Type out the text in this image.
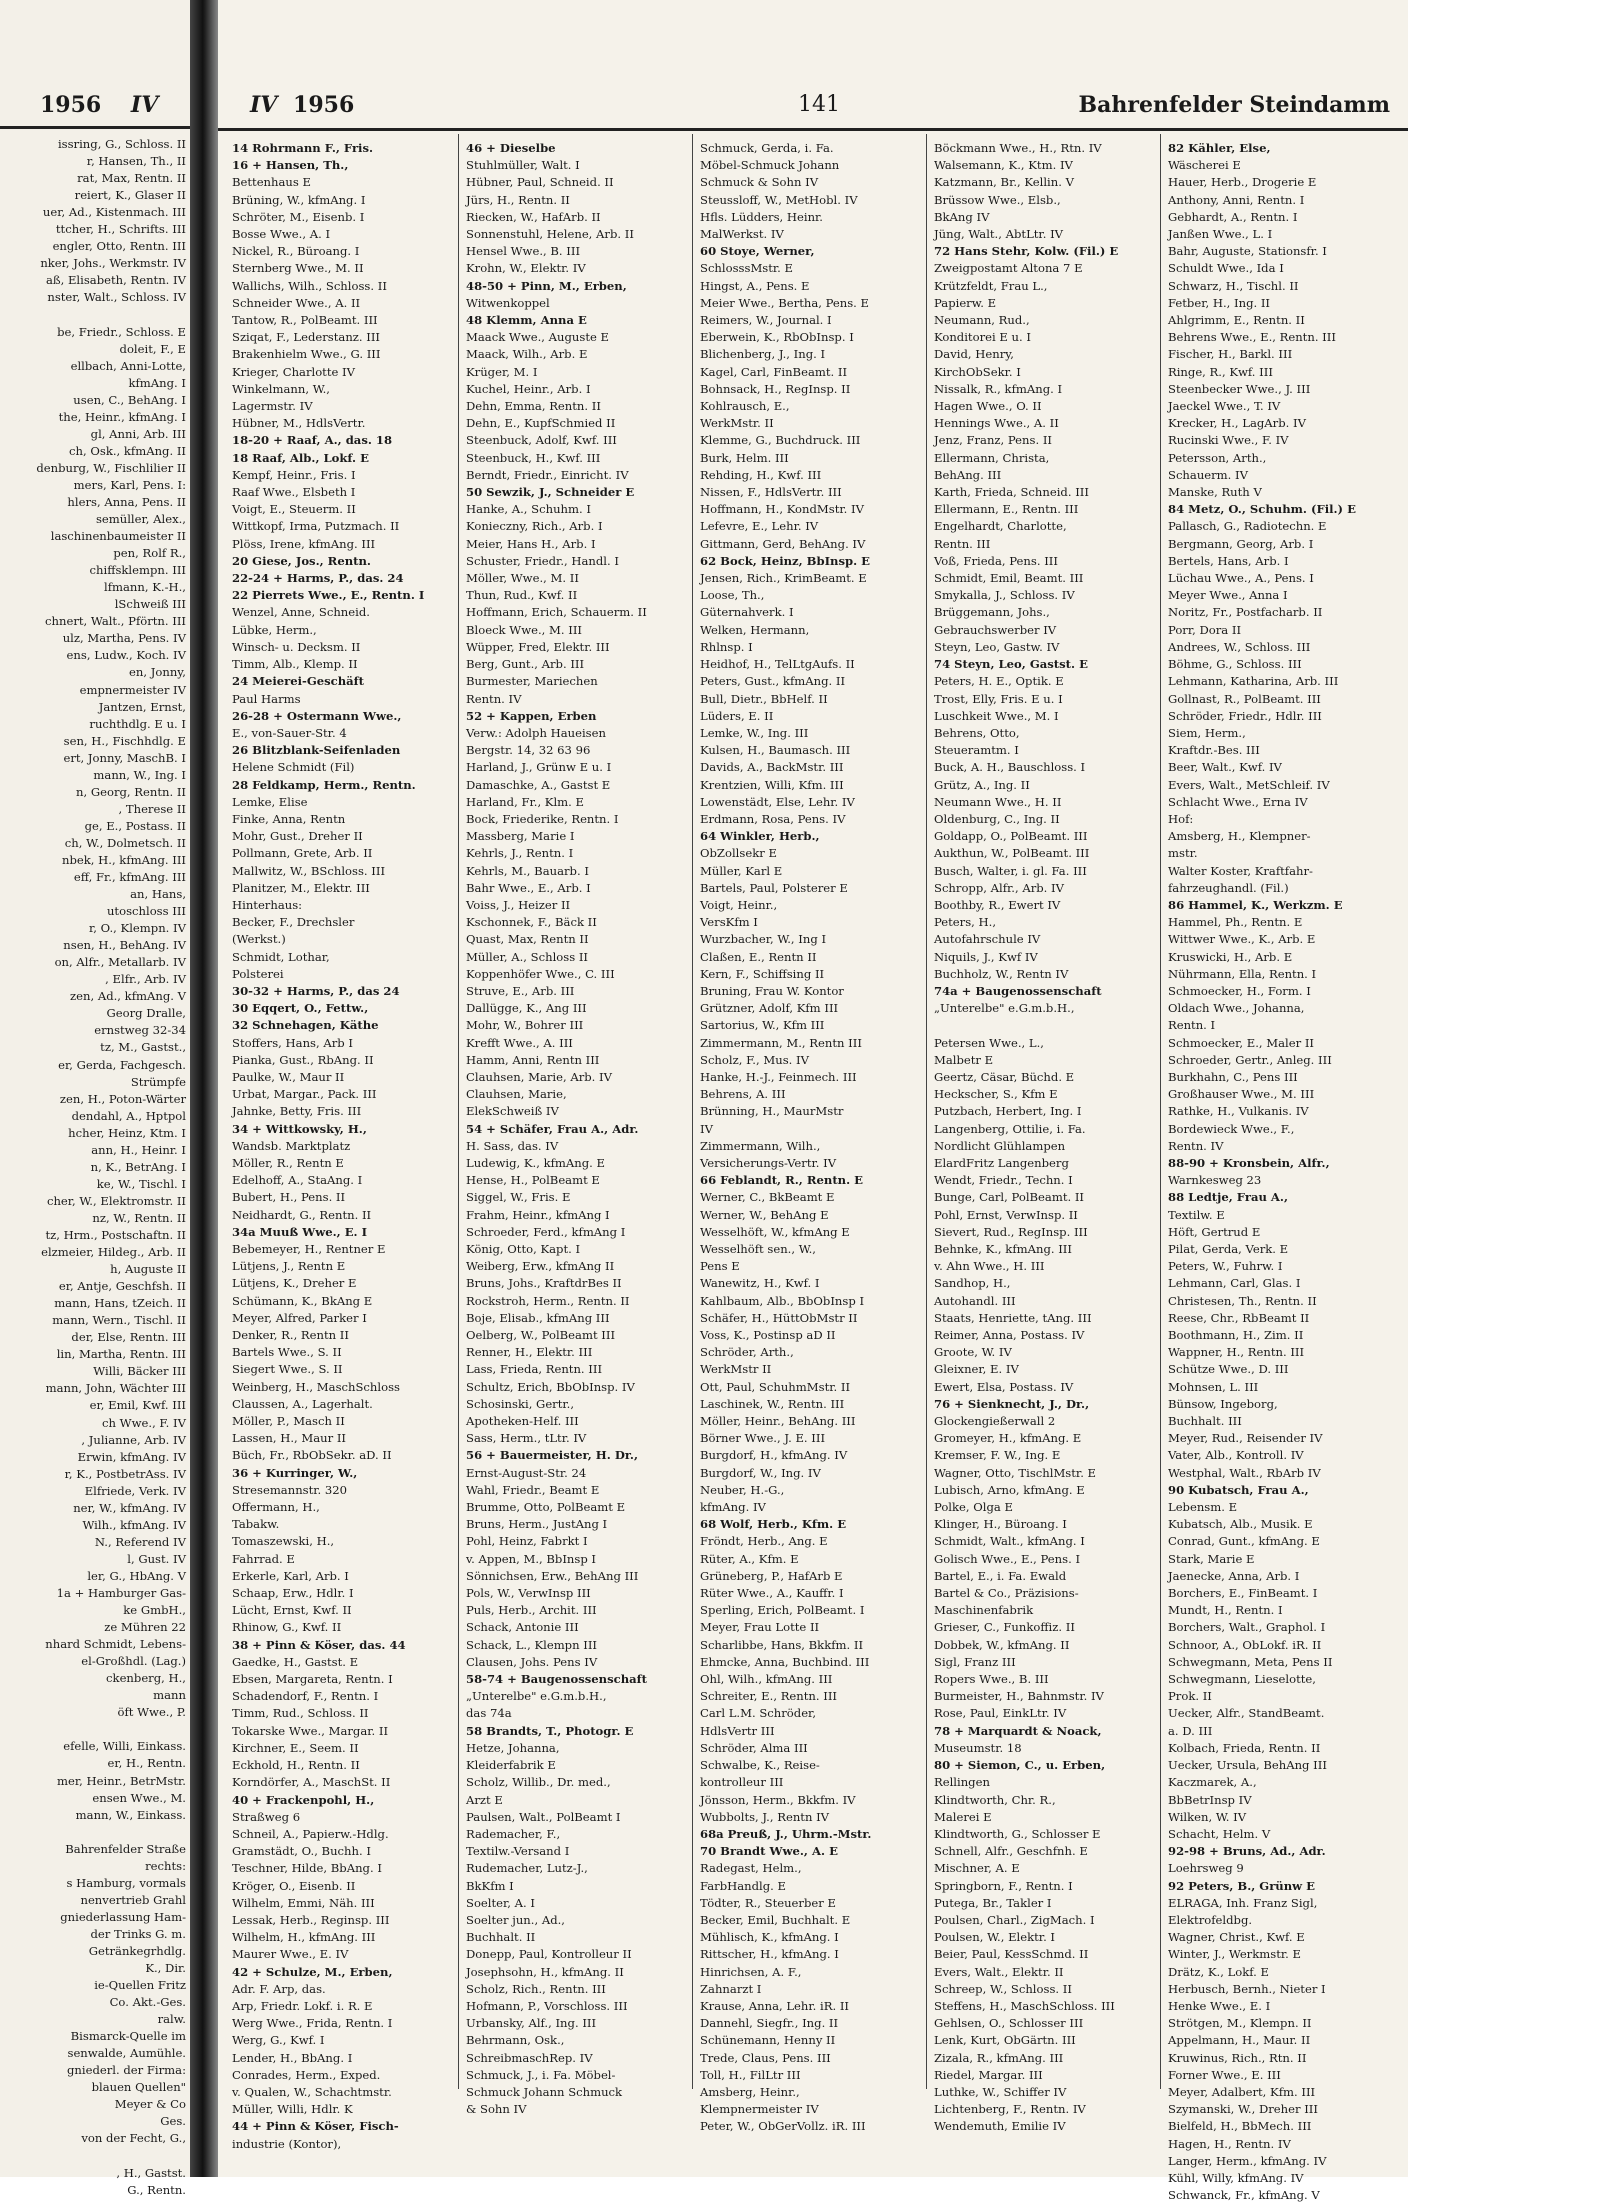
1956 IV
issring, G., Schloss. II
r, Hansen, Th., II
rat, Max, Rentn. II
reiert, K., Glaser II
uer, Ad., Kistenmach. III
ttcher, H., Schrifts. III
engler, Otto, Rentn. III
nker, Johs., Werkmstr. IV
aß, Elisabeth, Rentn. IV
nster, Walt., Schloss. IV

be, Friedr., Schloss. E
doleit, F., E
ellbach, Anni-Lotte,
kfmAng. I
usen, C., BehAng. I
the, Heinr., kfmAng. I
gl, Anni, Arb. III
ch, Osk., kfmAng. II
denburg, W., Fischlilier II
mers, Karl, Pens. I:
hlers, Anna, Pens. II
semüller, Alex.,
laschinenbaumeister II
pen, Rolf R.,
chiffsklempn. III
lfmann, K.-H.,
lSchweiß III
chnert, Walt., Pförtn. III
ulz, Martha, Pens. IV
ens, Ludw., Koch. IV
en, Jonny,
empnermeister IV
Jantzen, Ernst,
ruchthdlg. E u. I
sen, H., Fischhdlg. E
ert, Jonny, MaschB. I
mann, W., Ing. I
n, Georg, Rentn. II
, Therese II
ge, E., Postass. II
ch, W., Dolmetsch. II
nbek, H., kfmAng. III
eff, Fr., kfmAng. III
an, Hans,
utoschloss III
r, O., Klempn. IV
nsen, H., BehAng. IV
on, Alfr., Metallarb. IV
, Elfr., Arb. IV
zen, Ad., kfmAng. V
Georg Dralle,
ernstweg 32-34
tz, M., Gastst.,
er, Gerda, Fachgesch.
Strümpfe
zen, H., Poton-Wärter
dendahl, A., Hptpol
hcher, Heinz, Ktm. I
ann, H., Heinr. I
n, K., BetrAng. I
ke, W., Tischl. I
cher, W., Elektromstr. II
nz, W., Rentn. II
tz, Hrm., Postschaftn. II
elzmeier, Hildeg., Arb. II
h, Auguste II
er, Antje, Geschfsh. II
mann, Hans, tZeich. II
mann, Wern., Tischl. II
der, Else, Rentn. III
lin, Martha, Rentn. III
Willi, Bäcker III
mann, John, Wächter III
er, Emil, Kwf. III
ch Wwe., F. IV
, Julianne, Arb. IV
Erwin, kfmAng. IV
r, K., PostbetrAss. IV
Elfriede, Verk. IV
ner, W., kfmAng. IV
Wilh., kfmAng. IV
N., Referend IV
l, Gust. IV
ler, G., HbAng. V
1a + Hamburger Gas-
ke GmbH.,
ze Mühren 22
nhard Schmidt, Lebens-
el-Großhdl. (Lag.)
ckenberg, H.,
mann
öft Wwe., P.

efelle, Willi, Einkass.
er, H., Rentn.
mer, Heinr., BetrMstr.
ensen Wwe., M.
mann, W., Einkass.

Bahrenfelder Straße
rechts:
s Hamburg, vormals
nenvertrieb Grahl
gniederlassung Ham-
der Trinks G. m.
Getränkegrhdlg.
K., Dir.
ie-Quellen Fritz
Co. Akt.-Ges.
ralw.
Bismarck-Quelle im
senwalde, Aumühle.
gniederl. der Firma:
blauen Quellen"
Meyer & Co
Ges.
von der Fecht, G.,

, H., Gastst.
G., Rentn.
IV 1956	141	Bahrenfelder Steindamm
14 Rohrmann F., Fris.
16 + Hansen, Th.,
Bettenhaus E
Brüning, W., kfmAng. I
Schröter, M., Eisenb. I
Bosse Wwe., A. I
Nickel, R., Büroang. I
Sternberg Wwe., M. II
Wallichs, Wilh., Schloss. II
Schneider Wwe., A. II
Tantow, R., PolBeamt. III
Sziqat, F., Lederstanz. III
Brakenhielm Wwe., G. III
Krieger, Charlotte IV
Winkelmann, W.,
Lagermstr. IV
Hübner, M., HdlsVertr.
18-20 + Raaf, A., das. 18
18 Raaf, Alb., Lokf. E
Kempf, Heinr., Fris. I
Raaf Wwe., Elsbeth I
Voigt, E., Steuerm. II
Wittkopf, Irma, Putzmach. II
Plöss, Irene, kfmAng. III
20 Giese, Jos., Rentn.
22-24 + Harms, P., das. 24
22 Pierrets Wwe., E., Rentn. I
Wenzel, Anne, Schneid.
Lübke, Herm.,
Winsch- u. Decksm. II
Timm, Alb., Klemp. II
24 Meierei-Geschäft
Paul Harms
26-28 + Ostermann Wwe.,
E., von-Sauer-Str. 4
26 Blitzblank-Seifenladen
Helene Schmidt (Fil)
28 Feldkamp, Herm., Rentn.
Lemke, Elise
Finke, Anna, Rentn
Mohr, Gust., Dreher II
Pollmann, Grete, Arb. II
Mallwitz, W., BSchloss. III
Planitzer, M., Elektr. III
Hinterhaus:
Becker, F., Drechsler
(Werkst.)
Schmidt, Lothar,
Polsterei
30-32 + Harms, P., das 24
30 Eqqert, O., Fettw.,
32 Schnehagen, Käthe
Stoffers, Hans, Arb I
Pianka, Gust., RbAng. II
Paulke, W., Maur II
Urbat, Margar., Pack. III
Jahnke, Betty, Fris. III
34 + Wittkowsky, H.,
Wandsb. Marktplatz
Möller, R., Rentn E
Edelhoff, A., StaAng. I
Bubert, H., Pens. II
Neidhardt, G., Rentn. II
34a Muuß Wwe., E. I
Bebemeyer, H., Rentner E
Lütjens, J., Rentn E
Lütjens, K., Dreher E
Schümann, K., BkAng E
Meyer, Alfred, Parker I
Denker, R., Rentn II
Bartels Wwe., S. II
Siegert Wwe., S. II
Weinberg, H., MaschSchloss
Claussen, A., Lagerhalt.
Möller, P., Masch II
Lassen, H., Maur II
Büch, Fr., RbObSekr. aD. II
36 + Kurringer, W.,
Stresemannstr. 320
Offermann, H.,
Tabakw.
Tomaszewski, H.,
Fahrrad. E
Erkerle, Karl, Arb. I
Schaap, Erw., Hdlr. I
Lücht, Ernst, Kwf. II
Rhinow, G., Kwf. II
38 + Pinn & Köser, das. 44
Gaedke, H., Gastst. E
Ebsen, Margareta, Rentn. I
Schadendorf, F., Rentn. I
Timm, Rud., Schloss. II
Tokarske Wwe., Margar. II
Kirchner, E., Seem. II
Eckhold, H., Rentn. II
Korndörfer, A., MaschSt. II
40 + Frackenpohl, H.,
Straßweg 6
Schneil, A., Papierw.-Hdlg.
Gramstädt, O., Buchh. I
Teschner, Hilde, BbAng. I
Kröger, O., Eisenb. II
Wilhelm, Emmi, Näh. III
Lessak, Herb., Reginsp. III
Wilhelm, H., kfmAng. III
Maurer Wwe., E. IV
42 + Schulze, M., Erben,
Adr. F. Arp, das.
Arp, Friedr. Lokf. i. R. E
Werg Wwe., Frida, Rentn. I
Werg, G., Kwf. I
Lender, H., BbAng. I
Conrades, Herm., Exped.
v. Qualen, W., Schachtmstr.
Müller, Willi, Hdlr. K
44 + Pinn & Köser, Fisch-
industrie (Kontor),
46 + Dieselbe
Stuhlmüller, Walt. I
Hübner, Paul, Schneid. II
Jürs, H., Rentn. II
Riecken, W., HafArb. II
Sonnenstuhl, Helene, Arb. II
Hensel Wwe., B. III
Krohn, W., Elektr. IV
48-50 + Pinn, M., Erben,
Witwenkoppel
48 Klemm, Anna E
Maack Wwe., Auguste E
Maack, Wilh., Arb. E
Krüger, M. I
Kuchel, Heinr., Arb. I
Dehn, Emma, Rentn. II
Dehn, E., KupfSchmied II
Steenbuck, Adolf, Kwf. III
Steenbuck, H., Kwf. III
Berndt, Friedr., Einricht. IV
50 Sewzik, J., Schneider E
Hanke, A., Schuhm. I
Konieczny, Rich., Arb. I
Meier, Hans H., Arb. I
Schuster, Friedr., Handl. I
Möller, Wwe., M. II
Thun, Rud., Kwf. II
Hoffmann, Erich, Schauerm. II
Bloeck Wwe., M. III
Wüpper, Fred, Elektr. III
Berg, Gunt., Arb. III
Burmester, Mariechen
Rentn. IV
52 + Kappen, Erben
Verw.: Adolph Haueisen
Bergstr. 14, 32 63 96
Harland, J., Grünw E u. I
Damaschke, A., Gastst E
Harland, Fr., Klm. E
Bock, Friederike, Rentn. I
Massberg, Marie I
Kehrls, J., Rentn. I
Kehrls, M., Bauarb. I
Bahr Wwe., E., Arb. I
Voiss, J., Heizer II
Kschonnek, F., Bäck II
Quast, Max, Rentn II
Müller, A., Schloss II
Koppenhöfer Wwe., C. III
Struve, E., Arb. III
Dallügge, K., Ang III
Mohr, W., Bohrer III
Krefft Wwe., A. III
Hamm, Anni, Rentn III
Clauhsen, Marie, Arb. IV
Clauhsen, Marie,
ElekSchweiß IV
54 + Schäfer, Frau A., Adr.
H. Sass, das. IV
Ludewig, K., kfmAng. E
Hense, H., PolBeamt E
Siggel, W., Fris. E
Frahm, Heinr., kfmAng I
Schroeder, Ferd., kfmAng I
König, Otto, Kapt. I
Weiberg, Erw., kfmAng II
Bruns, Johs., KraftdrBes II
Rockstroh, Herm., Rentn. II
Boje, Elisab., kfmAng III
Oelberg, W., PolBeamt III
Renner, H., Elektr. III
Lass, Frieda, Rentn. III
Schultz, Erich, BbObInsp. IV
Schosinski, Gertr.,
Apotheken-Helf. III
Sass, Herm., tLtr. IV
56 + Bauermeister, H. Dr.,
Ernst-August-Str. 24
Wahl, Friedr., Beamt E
Brumme, Otto, PolBeamt E
Bruns, Herm., JustAng I
Pohl, Heinz, Fabrkt I
v. Appen, M., BbInsp I
Sönnichsen, Erw., BehAng III
Pols, W., VerwInsp III
Puls, Herb., Archit. III
Schack, Antonie III
Schack, L., Klempn III
Clausen, Johs. Pens IV
58-74 + Baugenossenschaft
„Unterelbe" e.G.m.b.H.,
das 74a
58 Brandts, T., Photogr. E
Hetze, Johanna,
Kleiderfabrik E
Scholz, Willib., Dr. med.,
Arzt E
Paulsen, Walt., PolBeamt I
Rademacher, F.,
Textilw.-Versand I
Rudemacher, Lutz-J.,
BkKfm I
Soelter, A. I
Soelter jun., Ad.,
Buchhalt. II
Donepp, Paul, Kontrolleur II
Josephsohn, H., kfmAng. II
Scholz, Rich., Rentn. III
Hofmann, P., Vorschloss. III
Urbansky, Alf., Ing. III
Behrmann, Osk.,
SchreibmaschRep. IV
Schmuck, J., i. Fa. Möbel-
Schmuck Johann Schmuck
& Sohn IV
Schmuck, Gerda, i. Fa.
Möbel-Schmuck Johann
Schmuck & Sohn IV
Steussloff, W., MetHobl. IV
Hfls. Lüdders, Heinr.
MalWerkst. IV
60 Stoye, Werner,
SchlosssMstr. E
Hingst, A., Pens. E
Meier Wwe., Bertha, Pens. E
Reimers, W., Journal. I
Eberwein, K., RbObInsp. I
Blichenberg, J., Ing. I
Kagel, Carl, FinBeamt. II
Bohnsack, H., RegInsp. II
Kohlrausch, E.,
WerkMstr. II
Klemme, G., Buchdruck. III
Burk, Helm. III
Rehding, H., Kwf. III
Nissen, F., HdlsVertr. III
Hoffmann, H., KondMstr. IV
Lefevre, E., Lehr. IV
Gittmann, Gerd, BehAng. IV
62 Bock, Heinz, BbInsp. E
Jensen, Rich., KrimBeamt. E
Loose, Th.,
Güternahverk. I
Welken, Hermann,
Rhlnsp. I
Heidhof, H., TelLtgAufs. II
Peters, Gust., kfmAng. II
Bull, Dietr., BbHelf. II
Lüders, E. II
Lemke, W., Ing. III
Kulsen, H., Baumasch. III
Davids, A., BackMstr. III
Krentzien, Willi, Kfm. III
Lowenstädt, Else, Lehr. IV
Erdmann, Rosa, Pens. IV
64 Winkler, Herb.,
ObZollsekr E
Müller, Karl E
Bartels, Paul, Polsterer E
Voigt, Heinr.,
VersKfm I
Wurzbacher, W., Ing I
Claßen, E., Rentn II
Kern, F., Schiffsing II
Bruning, Frau W. Kontor
Grützner, Adolf, Kfm III
Sartorius, W., Kfm III
Zimmermann, M., Rentn III
Scholz, F., Mus. IV
Hanke, H.-J., Feinmech. III
Behrens, A. III
Brünning, H., MaurMstr
IV
Zimmermann, Wilh.,
Versicherungs-Vertr. IV
66 Feblandt, R., Rentn. E
Werner, C., BkBeamt E
Werner, W., BehAng E
Wesselhöft, W., kfmAng E
Wesselhöft sen., W.,
Pens E
Wanewitz, H., Kwf. I
Kahlbaum, Alb., BbObInsp I
Schäfer, H., HüttObMstr II
Voss, K., Postinsp aD II
Schröder, Arth.,
WerkMstr II
Ott, Paul, SchuhmMstr. II
Laschinek, W., Rentn. III
Möller, Heinr., BehAng. III
Börner Wwe., J. E. III
Burgdorf, H., kfmAng. IV
Burgdorf, W., Ing. IV
Neuber, H.-G.,
kfmAng. IV
68 Wolf, Herb., Kfm. E
Fröndt, Herb., Ang. E
Rüter, A., Kfm. E
Grüneberg, P., HafArb E
Rüter Wwe., A., Kauffr. I
Sperling, Erich, PolBeamt. I
Meyer, Frau Lotte II
Scharlibbe, Hans, Bkkfm. II
Ehmcke, Anna, Buchbind. III
Ohl, Wilh., kfmAng. III
Schreiter, E., Rentn. III
Carl L.M. Schröder,
HdlsVertr III
Schröder, Alma III
Schwalbe, K., Reise-
kontrolleur III
Jönsson, Herm., Bkkfm. IV
Wubbolts, J., Rentn IV
68a Preuß, J., Uhrm.-Mstr.
70 Brandt Wwe., A. E
Radegast, Helm.,
FarbHandlg. E
Tödter, R., Steuerber E
Becker, Emil, Buchhalt. E
Mühlisch, K., kfmAng. I
Rittscher, H., kfmAng. I
Hinrichsen, A. F.,
Zahnarzt I
Krause, Anna, Lehr. iR. II
Dannehl, Siegfr., Ing. II
Schünemann, Henny II
Trede, Claus, Pens. III
Toll, H., FilLtr III
Amsberg, Heinr.,
Klempnermeister IV
Peter, W., ObGerVollz. iR. III
Böckmann Wwe., H., Rtn. IV
Walsemann, K., Ktm. IV
Katzmann, Br., Kellin. V
Brüssow Wwe., Elsb.,
BkAng IV
Jüng, Walt., AbtLtr. IV
72 Hans Stehr, Kolw. (Fil.) E
Zweigpostamt Altona 7 E
Krützfeldt, Frau L.,
Papierw. E
Neumann, Rud.,
Konditorei E u. I
David, Henry,
KirchObSekr. I
Nissalk, R., kfmAng. I
Hagen Wwe., O. II
Hennings Wwe., A. II
Jenz, Franz, Pens. II
Ellermann, Christa,
BehAng. III
Karth, Frieda, Schneid. III
Ellermann, E., Rentn. III
Engelhardt, Charlotte,
Rentn. III
Voß, Frieda, Pens. III
Schmidt, Emil, Beamt. III
Smykalla, J., Schloss. IV
Brüggemann, Johs.,
Gebrauchswerber IV
Steyn, Leo, Gastw. IV
74 Steyn, Leo, Gastst. E
Peters, H. E., Optik. E
Trost, Elly, Fris. E u. I
Luschkeit Wwe., M. I
Behrens, Otto,
Steueramtm. I
Buck, A. H., Bauschloss. I
Grütz, A., Ing. II
Neumann Wwe., H. II
Oldenburg, C., Ing. II
Goldapp, O., PolBeamt. III
Aukthun, W., PolBeamt. III
Busch, Walter, i. gl. Fa. III
Schropp, Alfr., Arb. IV
Boothby, R., Ewert IV
Peters, H.,
Autofahrschule IV
Niquils, J., Kwf IV
Buchholz, W., Rentn IV
74a + Baugenossenschaft
„Unterelbe" e.G.m.b.H.,

Petersen Wwe., L.,
Malbetr E
Geertz, Cäsar, Büchd. E
Heckscher, S., Kfm E
Putzbach, Herbert, Ing. I
Langenberg, Ottilie, i. Fa.
Nordlicht Glühlampen
ElardFritz Langenberg
Wendt, Friedr., Techn. I
Bunge, Carl, PolBeamt. II
Pohl, Ernst, VerwInsp. II
Sievert, Rud., RegInsp. III
Behnke, K., kfmAng. III
v. Ahn Wwe., H. III
Sandhop, H.,
Autohandl. III
Staats, Henriette, tAng. III
Reimer, Anna, Postass. IV
Groote, W. IV
Gleixner, E. IV
Ewert, Elsa, Postass. IV
76 + Sienknecht, J., Dr.,
Glockengießerwall 2
Gromeyer, H., kfmAng. E
Kremser, F. W., Ing. E
Wagner, Otto, TischlMstr. E
Lubisch, Arno, kfmAng. E
Polke, Olga E
Klinger, H., Büroang. I
Schmidt, Walt., kfmAng. I
Golisch Wwe., E., Pens. I
Bartel, E., i. Fa. Ewald
Bartel & Co., Präzisions-
Maschinenfabrik
Grieser, C., Funkoffiz. II
Dobbek, W., kfmAng. II
Sigl, Franz III
Ropers Wwe., B. III
Burmeister, H., Bahnmstr. IV
Rose, Paul, EinkLtr. IV
78 + Marquardt & Noack,
Museumstr. 18
80 + Siemon, C., u. Erben,
Rellingen
Klindtworth, Chr. R.,
Malerei E
Klindtworth, G., Schlosser E
Schnell, Alfr., Geschfnh. E
Mischner, A. E
Springborn, F., Rentn. I
Putega, Br., Takler I
Poulsen, Charl., ZigMach. I
Poulsen, W., Elektr. I
Beier, Paul, KessSchmd. II
Evers, Walt., Elektr. II
Schreep, W., Schloss. II
Steffens, H., MaschSchloss. III
Gehlsen, O., Schlosser III
Lenk, Kurt, ObGärtn. III
Zizala, R., kfmAng. III
Riedel, Margar. III
Luthke, W., Schiffer IV
Lichtenberg, F., Rentn. IV
Wendemuth, Emilie IV
82 Kähler, Else,
Wäscherei E
Hauer, Herb., Drogerie E
Anthony, Anni, Rentn. I
Gebhardt, A., Rentn. I
Janßen Wwe., L. I
Bahr, Auguste, Stationsfr. I
Schuldt Wwe., Ida I
Schwarz, H., Tischl. II
Fetber, H., Ing. II
Ahlgrimm, E., Rentn. II
Behrens Wwe., E., Rentn. III
Fischer, H., Barkl. III
Ringe, R., Kwf. III
Steenbecker Wwe., J. III
Jaeckel Wwe., T. IV
Krecker, H., LagArb. IV
Rucinski Wwe., F. IV
Petersson, Arth.,
Schauerm. IV
Manske, Ruth V
84 Metz, O., Schuhm. (Fil.) E
Pallasch, G., Radiotechn. E
Bergmann, Georg, Arb. I
Bertels, Hans, Arb. I
Lüchau Wwe., A., Pens. I
Meyer Wwe., Anna I
Noritz, Fr., Postfacharb. II
Porr, Dora II
Andrees, W., Schloss. III
Böhme, G., Schloss. III
Lehmann, Katharina, Arb. III
Gollnast, R., PolBeamt. III
Schröder, Friedr., Hdlr. III
Siem, Herm.,
Kraftdr.-Bes. III
Beer, Walt., Kwf. IV
Evers, Walt., MetSchleif. IV
Schlacht Wwe., Erna IV
Hof:
Amsberg, H., Klempner-
mstr.
Walter Koster, Kraftfahr-
fahrzeughandl. (Fil.)
86 Hammel, K., Werkzm. E
Hammel, Ph., Rentn. E
Wittwer Wwe., K., Arb. E
Kruswicki, H., Arb. E
Nührmann, Ella, Rentn. I
Schmoecker, H., Form. I
Oldach Wwe., Johanna,
Rentn. I
Schmoecker, E., Maler II
Schroeder, Gertr., Anleg. III
Burkhahn, C., Pens III
Großhauser Wwe., M. III
Rathke, H., Vulkanis. IV
Bordewieck Wwe., F.,
Rentn. IV
88-90 + Kronsbein, Alfr.,
Warnkesweg 23
88 Ledtje, Frau A.,
Textilw. E
Höft, Gertrud E
Pilat, Gerda, Verk. E
Peters, W., Fuhrw. I
Lehmann, Carl, Glas. I
Christesen, Th., Rentn. II
Reese, Chr., RbBeamt II
Boothmann, H., Zim. II
Wappner, H., Rentn. III
Schütze Wwe., D. III
Mohnsen, L. III
Bünsow, Ingeborg,
Buchhalt. III
Meyer, Rud., Reisender IV
Vater, Alb., Kontroll. IV
Westphal, Walt., RbArb IV
90 Kubatsch, Frau A.,
Lebensm. E
Kubatsch, Alb., Musik. E
Conrad, Gunt., kfmAng. E
Stark, Marie E
Jaenecke, Anna, Arb. I
Borchers, E., FinBeamt. I
Mundt, H., Rentn. I
Borchers, Walt., Graphol. I
Schnoor, A., ObLokf. iR. II
Schwegmann, Meta, Pens II
Schwegmann, Lieselotte,
Prok. II
Uecker, Alfr., StandBeamt.
a. D. III
Kolbach, Frieda, Rentn. II
Uecker, Ursula, BehAng III
Kaczmarek, A.,
BbBetrInsp IV
Wilken, W. IV
Schacht, Helm. V
92-98 + Bruns, Ad., Adr.
Loehrsweg 9
92 Peters, B., Grünw E
ELRAGA, Inh. Franz Sigl,
Elektrofeldbg.
Wagner, Christ., Kwf. E
Winter, J., Werkmstr. E
Drätz, K., Lokf. E
Herbusch, Bernh., Nieter I
Henke Wwe., E. I
Strötgen, M., Klempn. II
Appelmann, H., Maur. II
Kruwinus, Rich., Rtn. II
Forner Wwe., E. III
Meyer, Adalbert, Kfm. III
Szymanski, W., Dreher III
Bielfeld, H., BbMech. III
Hagen, H., Rentn. IV
Langer, Herm., kfmAng. IV
Kühl, Willy, kfmAng. IV
Schwanck, Fr., kfmAng. V
